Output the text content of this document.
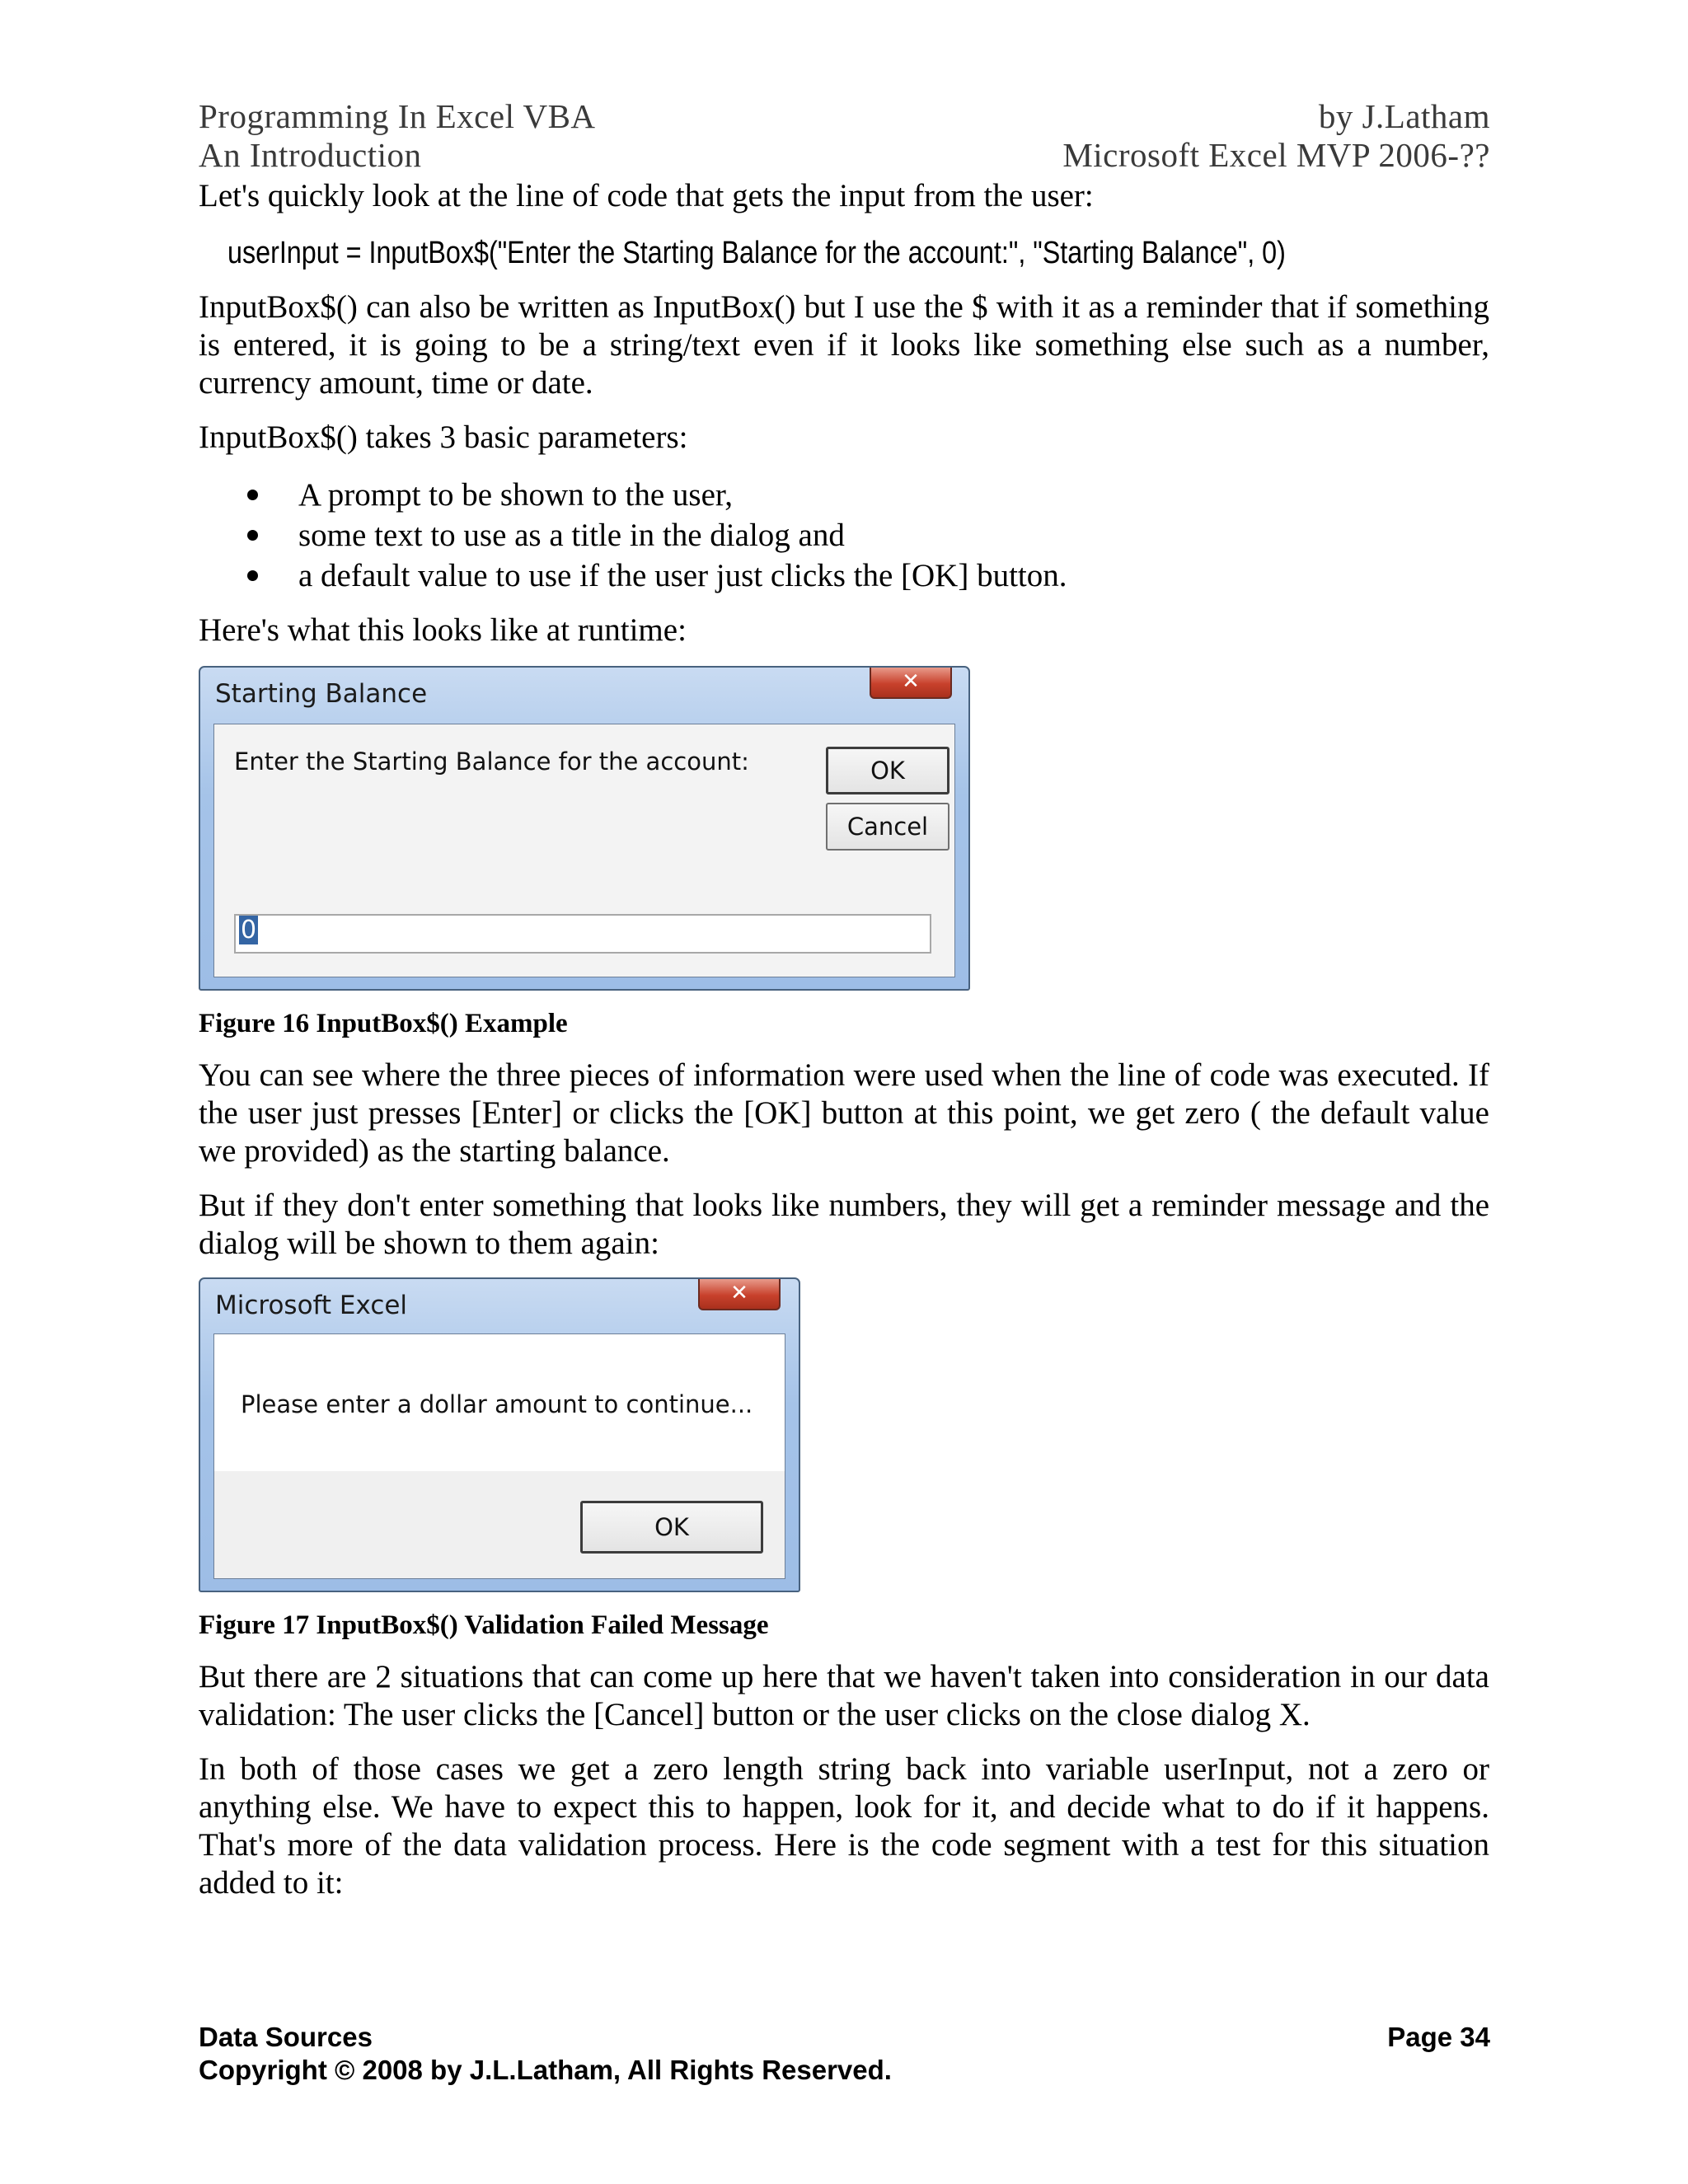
Programming In Excel VBA
An Introduction
by J.Latham
Microsoft Excel MVP 2006-??

Let's quickly look at the line of code that gets the input from the user:

userInput = InputBox$("Enter the Starting Balance for the account:", "Starting Balance", 0)

InputBox$() can also be written as InputBox() but I use the $ with it as a reminder that if something is entered, it is going to be a string/text even if it looks like something else such as a number, currency amount, time or date.

InputBox$() takes 3 basic parameters:

A prompt to be shown to the user,
some text to use as a title in the dialog and
a default value to use if the user just clicks the [OK] button.

Here's what this looks like at runtime:

Starting Balance	✕
Enter the Starting Balance for the account:	OK
Cancel
0
Figure 16 InputBox$() Example

You can see where the three pieces of information were used when the line of code was executed. If the user just presses [Enter] or clicks the [OK] button at this point, we get zero ( the default value we provided) as the starting balance.

But if they don't enter something that looks like numbers, they will get a reminder message and the dialog will be shown to them again:

Microsoft Excel	✕
Please enter a dollar amount to continue...
OK
Figure 17 InputBox$() Validation Failed Message

But there are 2 situations that can come up here that we haven't taken into consideration in our data validation: The user clicks the [Cancel] button or the user clicks on the close dialog X.

In both of those cases we get a zero length string back into variable userInput, not a zero or anything else. We have to expect this to happen, look for it, and decide what to do if it happens. That's more of the data validation process. Here is the code segment with a test for this situation added to it:

Data Sources
Copyright © 2008 by J.L.Latham, All Rights Reserved.
Page 34
